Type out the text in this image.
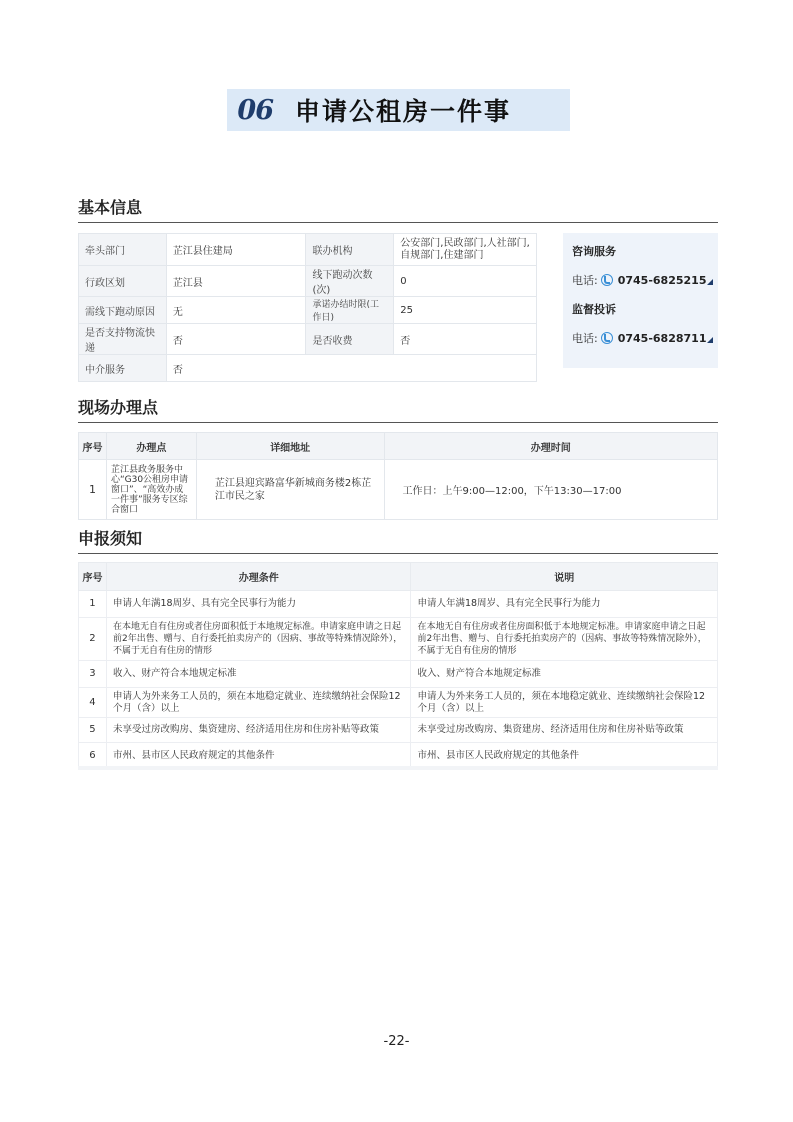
06 申请公租房一件事
基本信息
牵头部门	芷江县住建局	联办机构	公安部门,民政部门,人社部门,自规部门,住建部门
行政区划	芷江县	线下跑动次数(次)	0
需线下跑动原因	无	承诺办结时限(工作日)	25
是否支持物流快递	否	是否收费	否
中介服务	否		
咨询服务
电话: 0745-6825215
监督投诉
电话: 0745-6828711
现场办理点
序号	办理点	详细地址	办理时间
1	芷江县政务服务中心“G30公租房申请窗口”、“高效办成一件事”服务专区综合窗口	芷江县迎宾路富华新城商务楼2栋芷江市民之家	工作日：上午9:00—12:00，下午13:30—17:00
申报须知
序号	办理条件	说明
1	申请人年满18周岁、具有完全民事行为能力	申请人年满18周岁、具有完全民事行为能力
2	在本地无自有住房或者住房面积低于本地规定标准。申请家庭申请之日起前2年出售、赠与、自行委托拍卖房产的（因病、事故等特殊情况除外），不属于无自有住房的情形	在本地无自有住房或者住房面积低于本地规定标准。申请家庭申请之日起前2年出售、赠与、自行委托拍卖房产的（因病、事故等特殊情况除外），不属于无自有住房的情形
3	收入、财产符合本地规定标准	收入、财产符合本地规定标准
4	申请人为外来务工人员的，须在本地稳定就业、连续缴纳社会保险12个月（含）以上	申请人为外来务工人员的，须在本地稳定就业、连续缴纳社会保险12个月（含）以上
5	未享受过房改购房、集资建房、经济适用住房和住房补贴等政策	未享受过房改购房、集资建房、经济适用住房和住房补贴等政策
6	市州、县市区人民政府规定的其他条件	市州、县市区人民政府规定的其他条件
-22-
